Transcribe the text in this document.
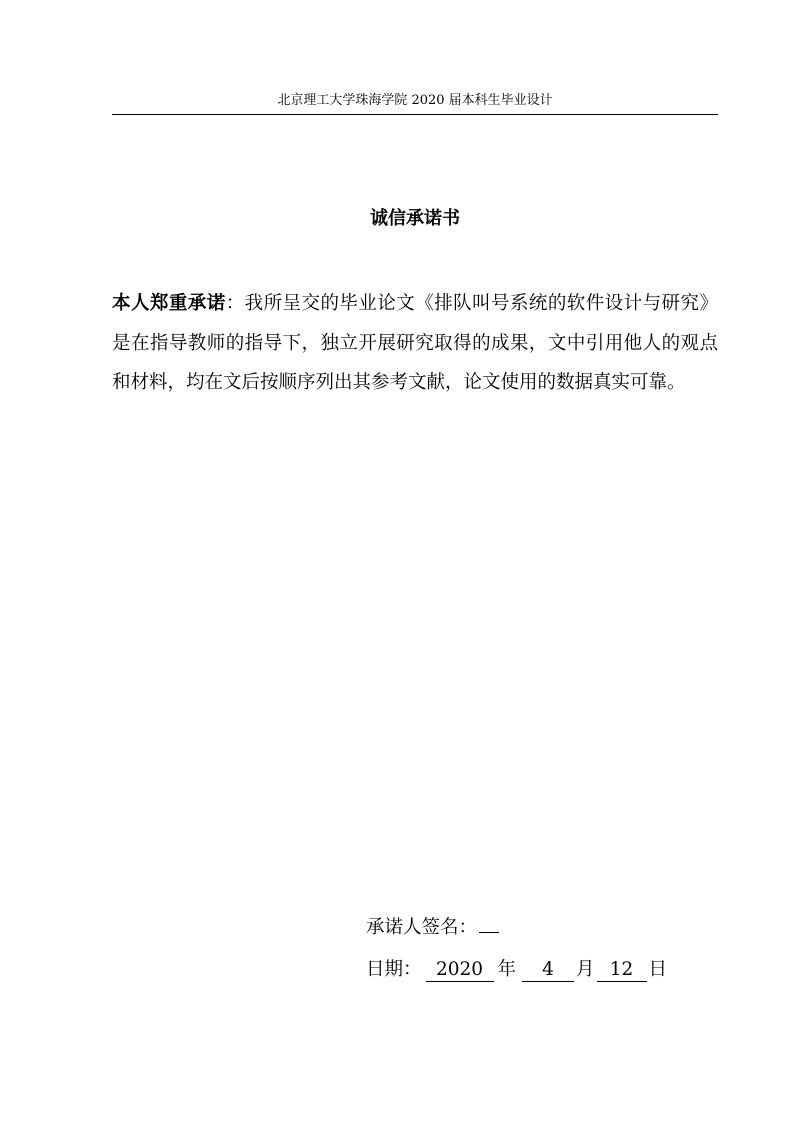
北京理工大学珠海学院 2020 届本科生毕业设计
诚信承诺书
本人郑重承诺：我所呈交的毕业论文《排队叫号系统的软件设计与研究》是在指导教师的指导下，独立开展研究取得的成果，文中引用他人的观点和材料，均在文后按顺序列出其参考文献，论文使用的数据真实可靠。
承诺人签名：
日期： 2020 年 4 月 12 日
